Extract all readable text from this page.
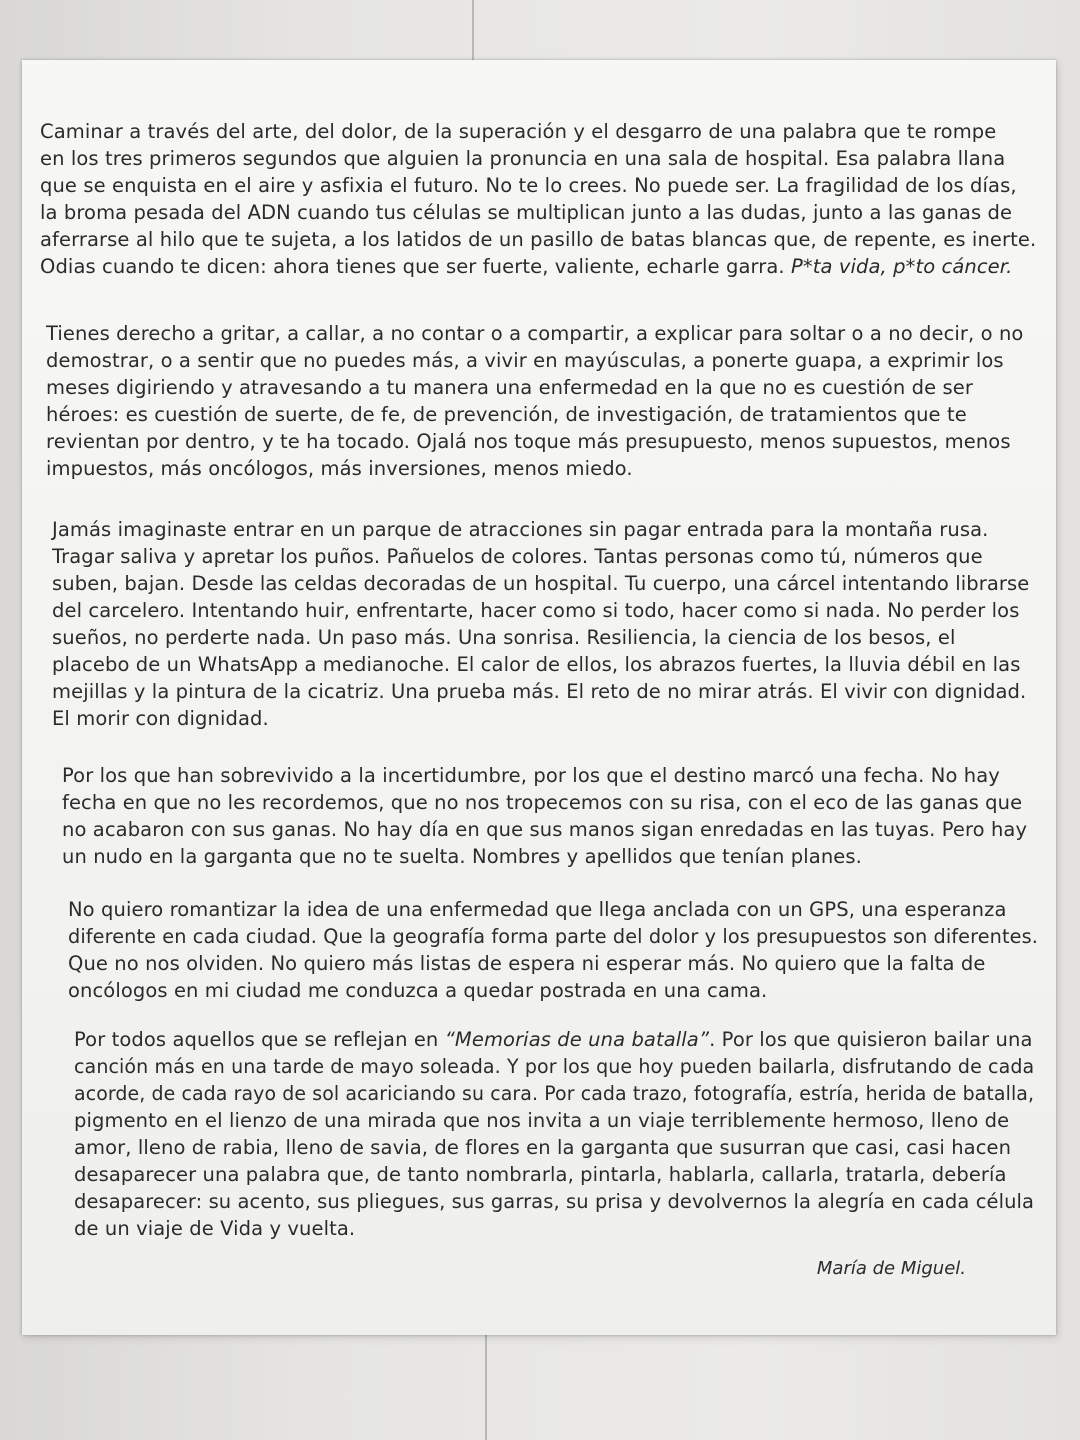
Caminar a través del arte, del dolor, de la superación y el desgarro de una palabra que te rompe
en los tres primeros segundos que alguien la pronuncia en una sala de hospital. Esa palabra llana
que se enquista en el aire y asfixia el futuro. No te lo crees. No puede ser. La fragilidad de los días,
la broma pesada del ADN cuando tus células se multiplican junto a las dudas, junto a las ganas de
aferrarse al hilo que te sujeta, a los latidos de un pasillo de batas blancas que, de repente, es inerte.
Odias cuando te dicen: ahora tienes que ser fuerte, valiente, echarle garra. P*ta vida, p*to cáncer.

Tienes derecho a gritar, a callar, a no contar o a compartir, a explicar para soltar o a no decir, o no
demostrar, o a sentir que no puedes más, a vivir en mayúsculas, a ponerte guapa, a exprimir los
meses digiriendo y atravesando a tu manera una enfermedad en la que no es cuestión de ser
héroes: es cuestión de suerte, de fe, de prevención, de investigación, de tratamientos que te
revientan por dentro, y te ha tocado. Ojalá nos toque más presupuesto, menos supuestos, menos
impuestos, más oncólogos, más inversiones, menos miedo.

Jamás imaginaste entrar en un parque de atracciones sin pagar entrada para la montaña rusa.
Tragar saliva y apretar los puños. Pañuelos de colores. Tantas personas como tú, números que
suben, bajan. Desde las celdas decoradas de un hospital. Tu cuerpo, una cárcel intentando librarse
del carcelero. Intentando huir, enfrentarte, hacer como si todo, hacer como si nada. No perder los
sueños, no perderte nada. Un paso más. Una sonrisa. Resiliencia, la ciencia de los besos, el
placebo de un WhatsApp a medianoche. El calor de ellos, los abrazos fuertes, la lluvia débil en las
mejillas y la pintura de la cicatriz. Una prueba más. El reto de no mirar atrás. El vivir con dignidad.
El morir con dignidad.

Por los que han sobrevivido a la incertidumbre, por los que el destino marcó una fecha. No hay
fecha en que no les recordemos, que no nos tropecemos con su risa, con el eco de las ganas que
no acabaron con sus ganas. No hay día en que sus manos sigan enredadas en las tuyas. Pero hay
un nudo en la garganta que no te suelta. Nombres y apellidos que tenían planes.

No quiero romantizar la idea de una enfermedad que llega anclada con un GPS, una esperanza
diferente en cada ciudad. Que la geografía forma parte del dolor y los presupuestos son diferentes.
Que no nos olviden. No quiero más listas de espera ni esperar más. No quiero que la falta de
oncólogos en mi ciudad me conduzca a quedar postrada en una cama.

Por todos aquellos que se reflejan en “Memorias de una batalla”. Por los que quisieron bailar una
canción más en una tarde de mayo soleada. Y por los que hoy pueden bailarla, disfrutando de cada
acorde, de cada rayo de sol acariciando su cara. Por cada trazo, fotografía, estría, herida de batalla,
pigmento en el lienzo de una mirada que nos invita a un viaje terriblemente hermoso, lleno de
amor, lleno de rabia, lleno de savia, de flores en la garganta que susurran que casi, casi hacen
desaparecer una palabra que, de tanto nombrarla, pintarla, hablarla, callarla, tratarla, debería
desaparecer: su acento, sus pliegues, sus garras, su prisa y devolvernos la alegría en cada célula
de un viaje de Vida y vuelta.

María de Miguel.
